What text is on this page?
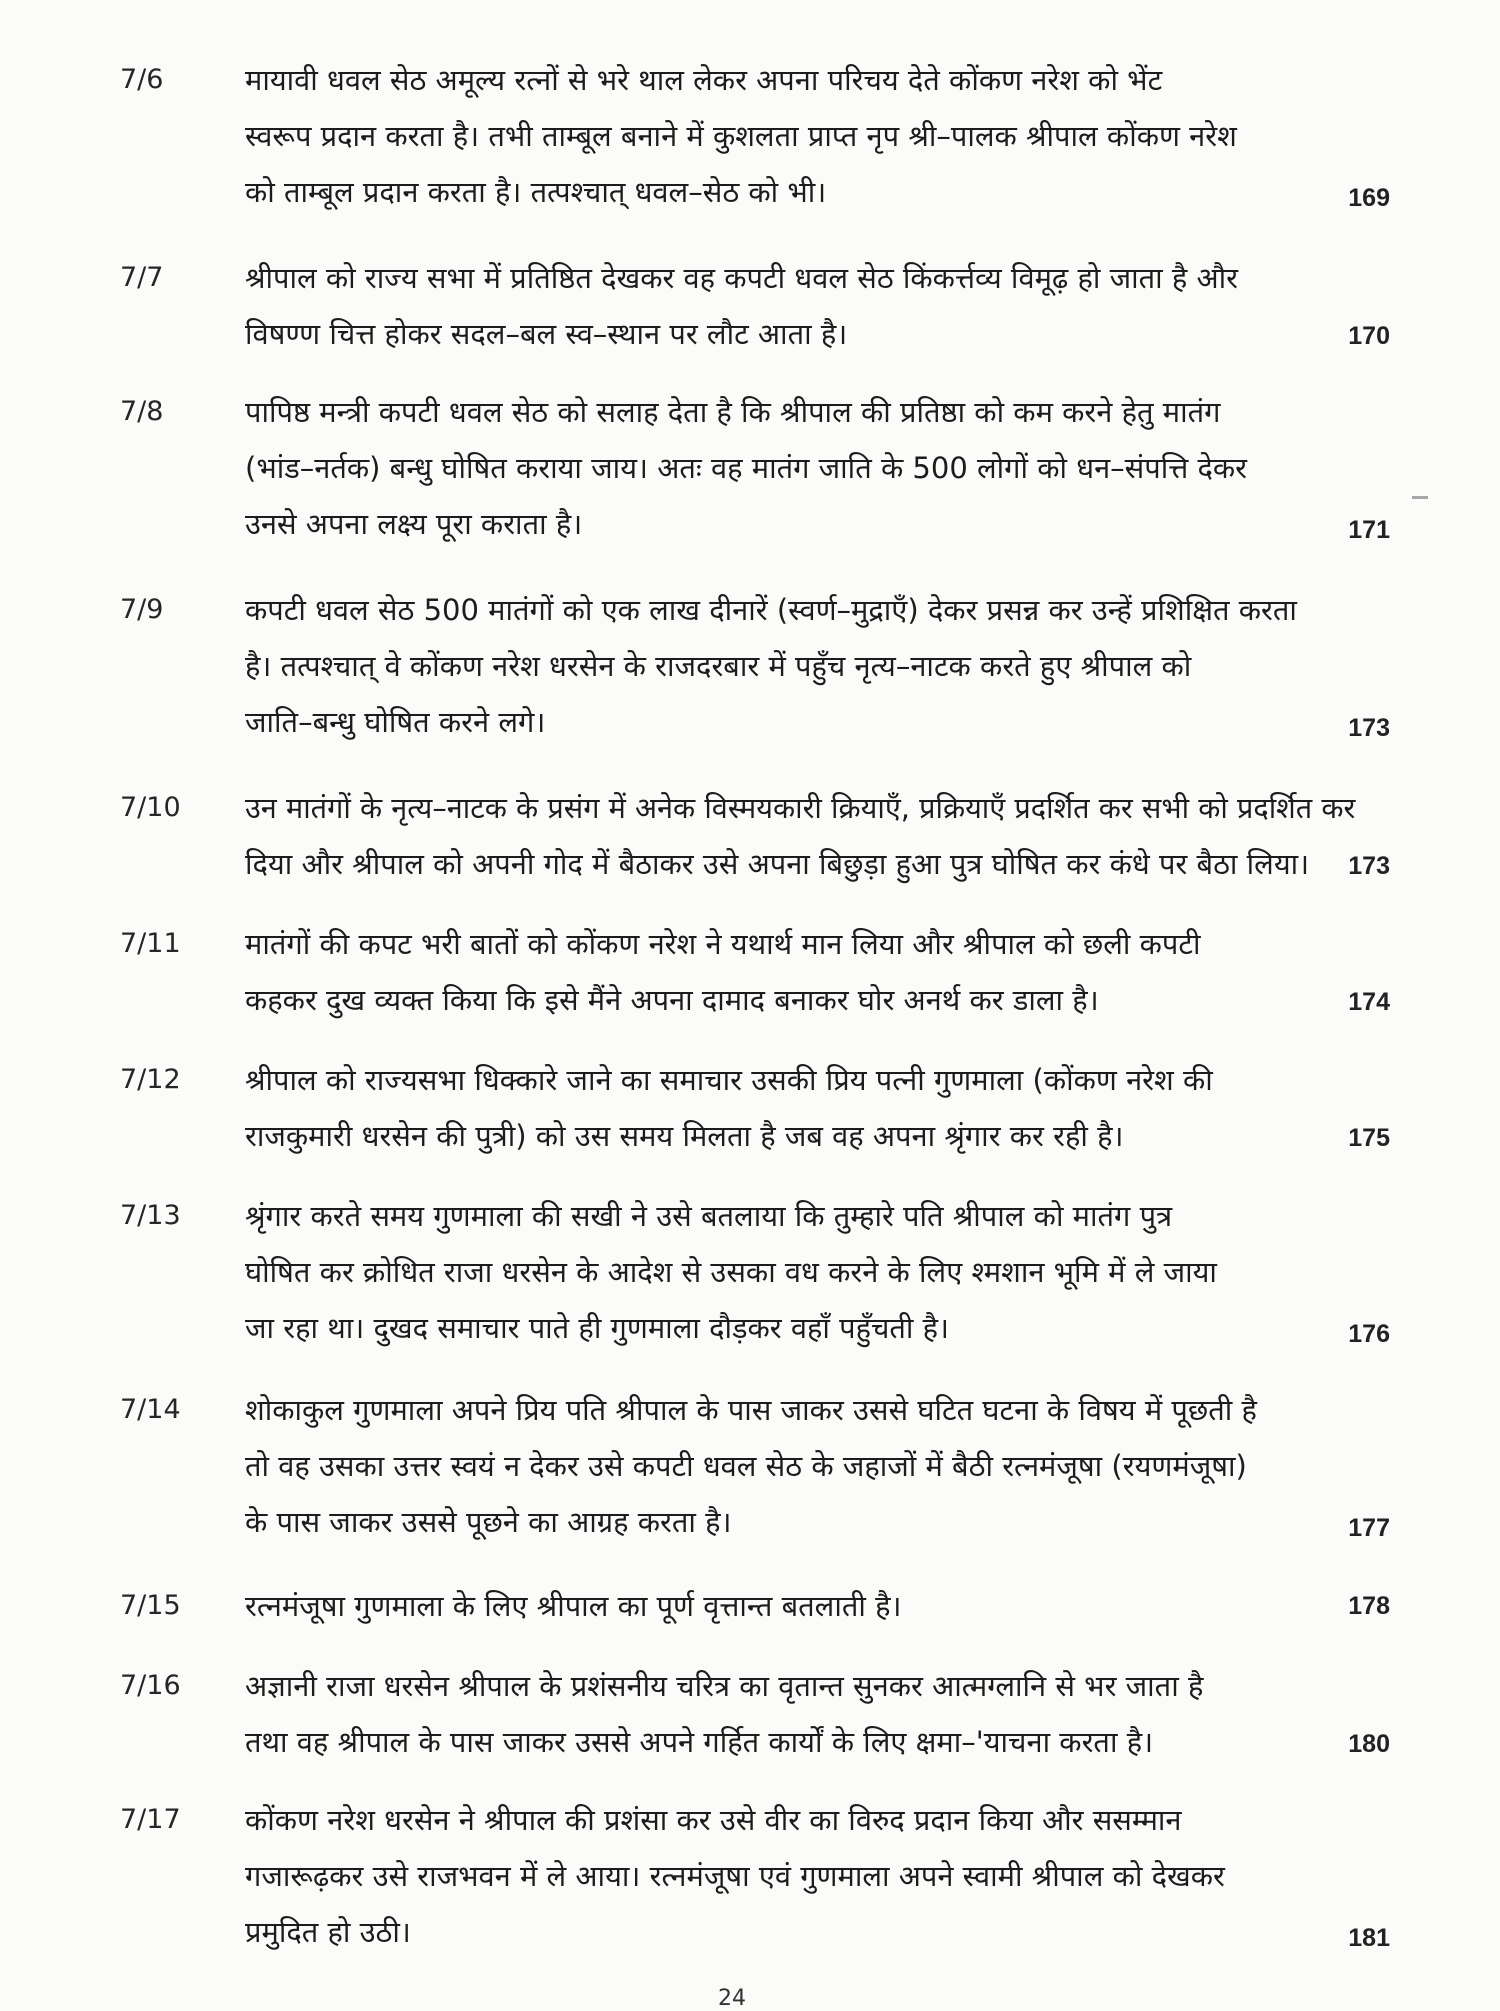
7/6	मायावी धवल सेठ अमूल्य रत्नों से भरे थाल लेकर अपना परिचय देते कोंकण नरेश को भेंट
स्वरूप प्रदान करता है। तभी ताम्बूल बनाने में कुशलता प्राप्त नृप श्री–पालक श्रीपाल कोंकण नरेश
को ताम्बूल प्रदान करता है। तत्पश्चात् धवल–सेठ को भी।	169
7/7	श्रीपाल को राज्य सभा में प्रतिष्ठित देखकर वह कपटी धवल सेठ किंकर्त्तव्य विमूढ़ हो जाता है और
विषण्ण चित्त होकर सदल–बल स्व–स्थान पर लौट आता है।	170
7/8	पापिष्ठ मन्त्री कपटी धवल सेठ को सलाह देता है कि श्रीपाल की प्रतिष्ठा को कम करने हेतु मातंग
(भांड–नर्तक) बन्धु घोषित कराया जाय। अतः वह मातंग जाति के 500 लोगों को धन–संपत्ति देकर
उनसे अपना लक्ष्य पूरा कराता है।	171
7/9	कपटी धवल सेठ 500 मातंगों को एक लाख दीनारें (स्वर्ण–मुद्राएँ) देकर प्रसन्न कर उन्हें प्रशिक्षित करता
है। तत्पश्चात् वे कोंकण नरेश धरसेन के राजदरबार में पहुँच नृत्य–नाटक करते हुए श्रीपाल को
जाति–बन्धु घोषित करने लगे।	173
7/10	उन मातंगों के नृत्य–नाटक के प्रसंग में अनेक विस्मयकारी क्रियाएँ, प्रक्रियाएँ प्रदर्शित कर सभी को प्रदर्शित कर
दिया और श्रीपाल को अपनी गोद में बैठाकर उसे अपना बिछुड़ा हुआ पुत्र घोषित कर कंधे पर बैठा लिया।	173
7/11	मातंगों की कपट भरी बातों को कोंकण नरेश ने यथार्थ मान लिया और श्रीपाल को छली कपटी
कहकर दुख व्यक्त किया कि इसे मैंने अपना दामाद बनाकर घोर अनर्थ कर डाला है।	174
7/12	श्रीपाल को राज्यसभा धिक्कारे जाने का समाचार उसकी प्रिय पत्नी गुणमाला (कोंकण नरेश की
राजकुमारी धरसेन की पुत्री) को उस समय मिलता है जब वह अपना श्रृंगार कर रही है।	175
7/13	श्रृंगार करते समय गुणमाला की सखी ने उसे बतलाया कि तुम्हारे पति श्रीपाल को मातंग पुत्र
घोषित कर क्रोधित राजा धरसेन के आदेश से उसका वध करने के लिए श्मशान भूमि में ले जाया
जा रहा था। दुखद समाचार पाते ही गुणमाला दौड़कर वहाँ पहुँचती है।	176
7/14	शोकाकुल गुणमाला अपने प्रिय पति श्रीपाल के पास जाकर उससे घटित घटना के विषय में पूछती है
तो वह उसका उत्तर स्वयं न देकर उसे कपटी धवल सेठ के जहाजों में बैठी रत्नमंजूषा (रयणमंजूषा)
के पास जाकर उससे पूछने का आग्रह करता है।	177
7/15	रत्नमंजूषा गुणमाला के लिए श्रीपाल का पूर्ण वृत्तान्त बतलाती है।	178
7/16	अज्ञानी राजा धरसेन श्रीपाल के प्रशंसनीय चरित्र का वृतान्त सुनकर आत्मग्लानि से भर जाता है
तथा वह श्रीपाल के पास जाकर उससे अपने गर्हित कार्यों के लिए क्षमा–'याचना करता है।	180
7/17	कोंकण नरेश धरसेन ने श्रीपाल की प्रशंसा कर उसे वीर का विरुद प्रदान किया और ससम्मान
गजारूढ़कर उसे राजभवन में ले आया। रत्नमंजूषा एवं गुणमाला अपने स्वामी श्रीपाल को देखकर
प्रमुदित हो उठी।	181
24
